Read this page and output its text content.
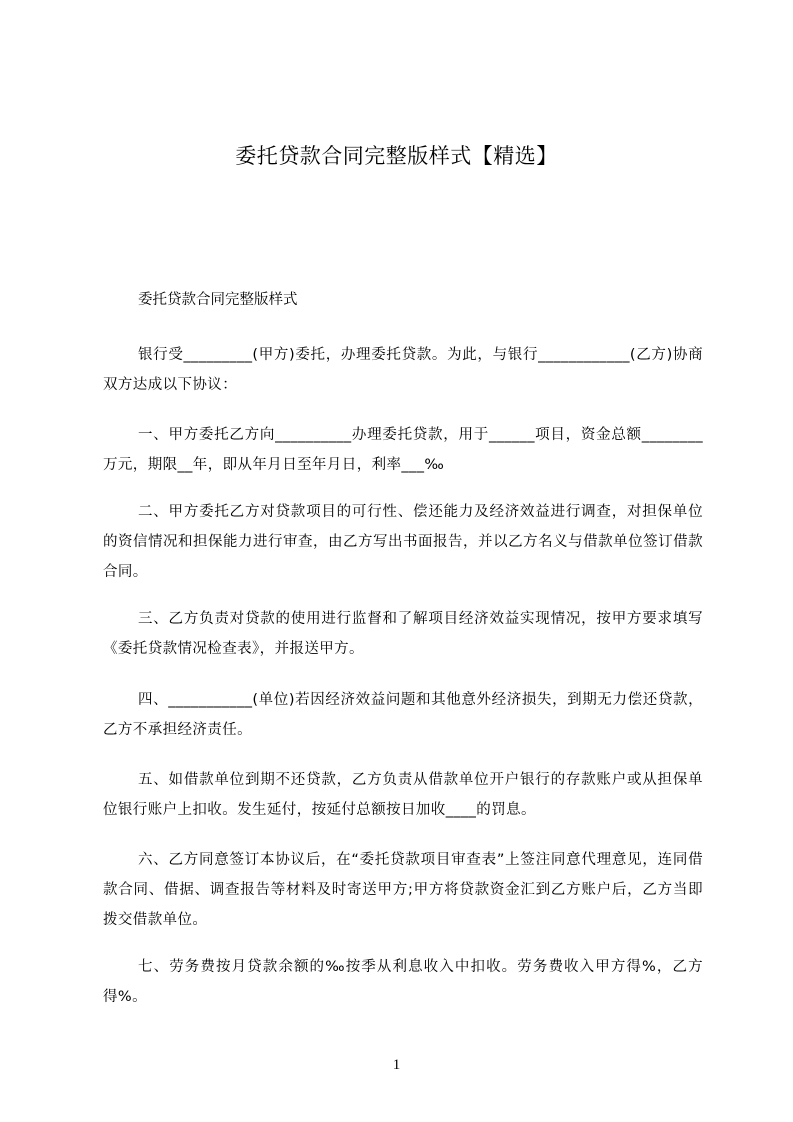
委托贷款合同完整版样式【精选】
委托贷款合同完整版样式
银行受_________(甲方)委托，办理委托贷款。为此，与银行____________(乙方)协商双方达成以下协议：
一、甲方委托乙方向__________办理委托贷款，用于______项目，资金总额________万元，期限__年，即从年月日至年月日，利率___‰
二、甲方委托乙方对贷款项目的可行性、偿还能力及经济效益进行调查，对担保单位的资信情况和担保能力进行审查，由乙方写出书面报告，并以乙方名义与借款单位签订借款合同。
三、乙方负责对贷款的使用进行监督和了解项目经济效益实现情况，按甲方要求填写《委托贷款情况检查表》，并报送甲方。
四、___________(单位)若因经济效益问题和其他意外经济损失，到期无力偿还贷款，乙方不承担经济责任。
五、如借款单位到期不还贷款，乙方负责从借款单位开户银行的存款账户或从担保单位银行账户上扣收。发生延付，按延付总额按日加收____的罚息。
六、乙方同意签订本协议后，在“委托贷款项目审查表”上签注同意代理意见，连同借款合同、借据、调查报告等材料及时寄送甲方;甲方将贷款资金汇到乙方账户后，乙方当即拨交借款单位。
七、劳务费按月贷款余额的‰按季从利息收入中扣收。劳务费收入甲方得%，乙方得%。
1
